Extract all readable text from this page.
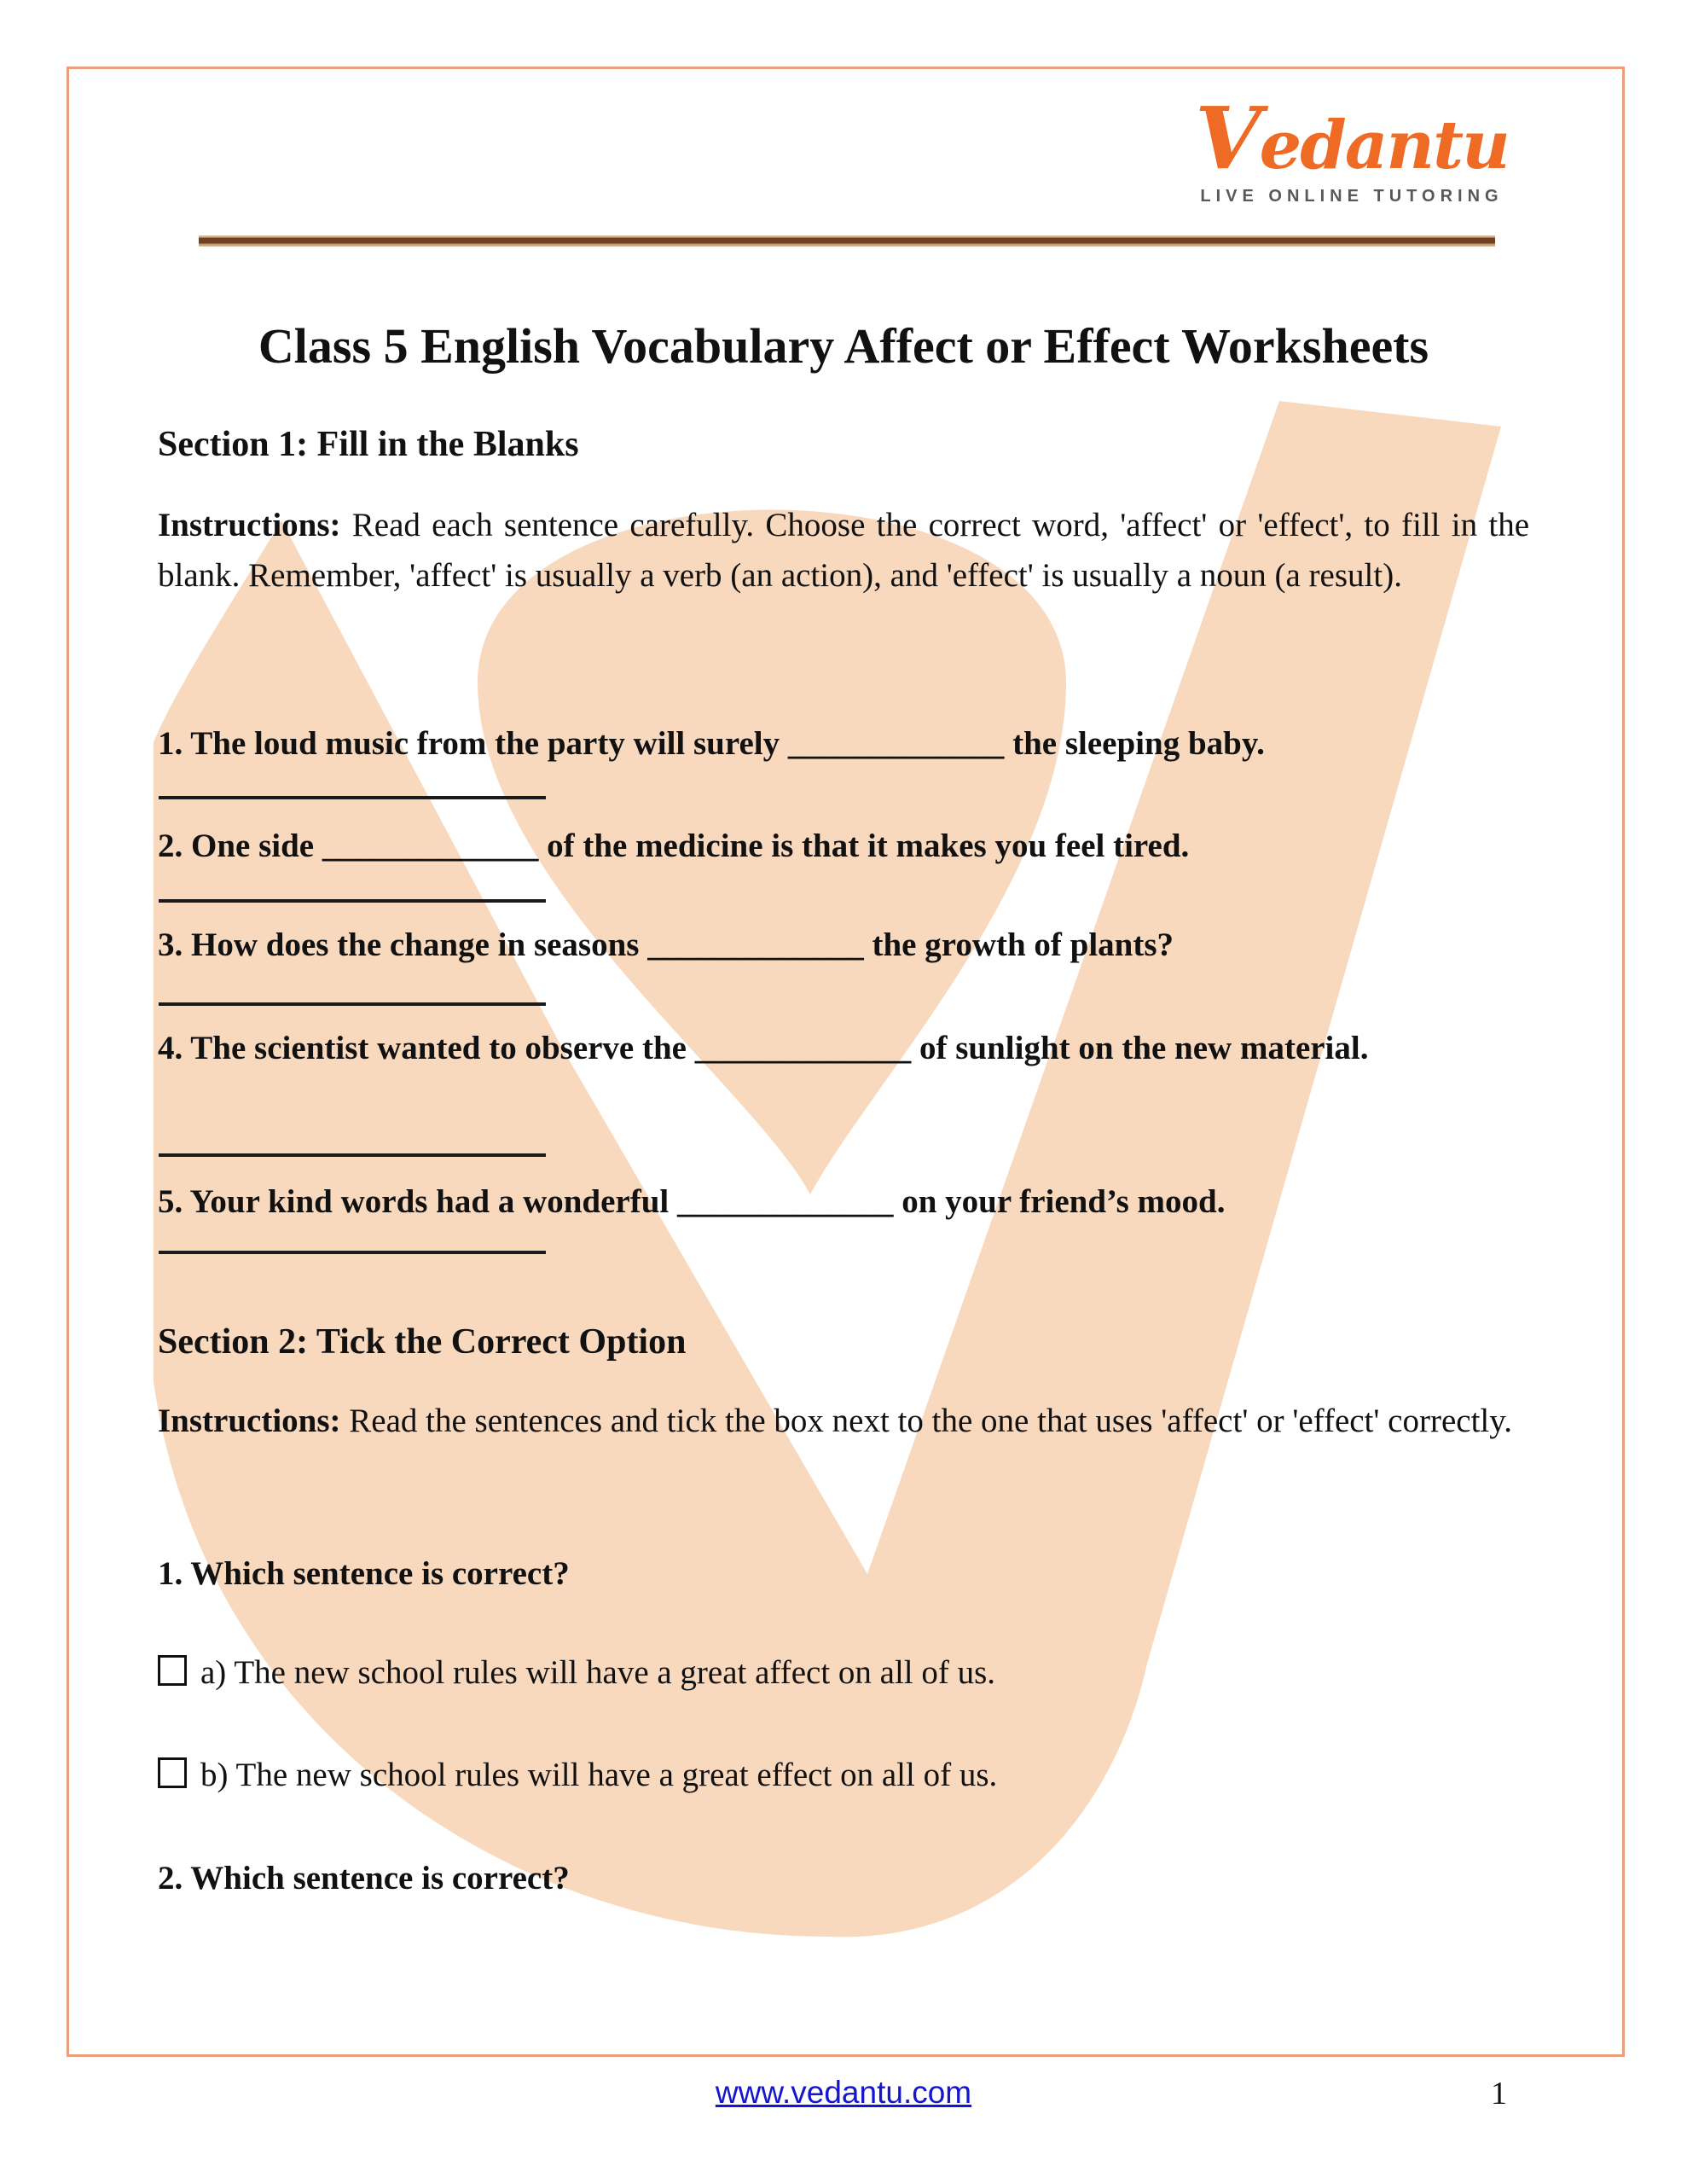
Vedantu
LIVE ONLINE TUTORING
Class 5 English Vocabulary Affect or Effect Worksheets
Section 1: Fill in the Blanks
Instructions: Read each sentence carefully. Choose the correct word, 'affect' or 'effect', to fill in the blank. Remember, 'affect' is usually a verb (an action), and 'effect' is usually a noun (a result).
1. The loud music from the party will surely _____________ the sleeping baby.
2. One side _____________ of the medicine is that it makes you feel tired.
3. How does the change in seasons _____________ the growth of plants?
4. The scientist wanted to observe the _____________ of sunlight on the new material.
5. Your kind words had a wonderful _____________ on your friend’s mood.
Section 2: Tick the Correct Option
Instructions: Read the sentences and tick the box next to the one that uses 'affect' or 'effect' correctly.
1. Which sentence is correct?
a) The new school rules will have a great affect on all of us.
b) The new school rules will have a great effect on all of us.
2. Which sentence is correct?
www.vedantu.com	1
